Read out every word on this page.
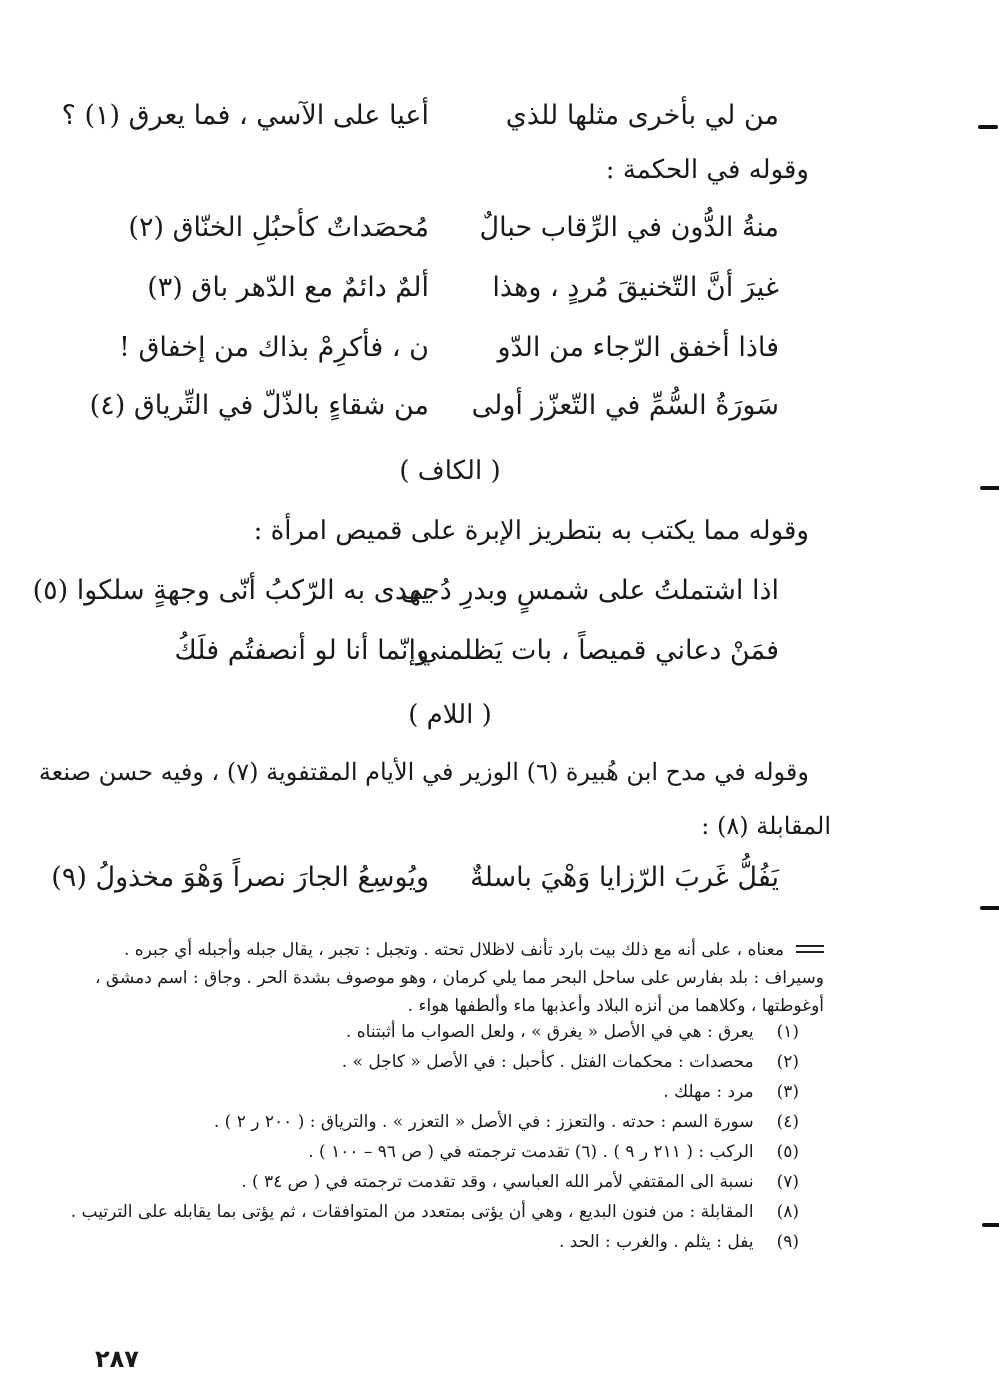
من لي بأخرى مثلها للذي
أعيا على الآسي ، فما يعرق (١) ؟
وقوله في الحكمة :
منةُ الدُّون في الرِّقاب حبالٌ
مُحصَداتٌ كأحبُلِ الخنّاق (٢)
غيرَ أنَّ التّخنيقَ مُردٍ ، وهذا
ألمٌ دائمٌ مع الدّهر باق (٣)
فاذا أخفق الرّجاء من الدّو
ن ، فأكرِمْ بذاك من إخفاق !
سَورَةُ السُّمِّ في التّعزّز أولى
من شقاءٍ بالذّلّ في التِّرياق (٤)
( الكاف )
وقوله مما يكتب به بتطريز الإبرة على قميص امرأة :
اذا اشتملتُ على شمسٍ وبدرِ دُجى
يهدى به الرّكبُ أنّى وجهةٍ سلكوا (٥)
فمَنْ دعاني قميصاً ، بات يَظلمني
وإنّما أنا لو أنصفتُم فلَكُ
( اللام )
وقوله في مدح ابن هُبيرة (٦) الوزير في الأيام المقتفوية (٧) ، وفيه حسن صنعة
المقابلة (٨) :
يَفُلُّ غَربَ الرّزايا وَهْيَ باسلةٌ
ويُوسِعُ الجارَ نصراً وَهْوَ مخذولُ (٩)
معناه ، على أنه مع ذلك بيت بارد تأنف لاظلال تحته . وتجبل : تجبر ، يقال جبله وأجبله أي جبره .
وسيراف : بلد بفارس على ساحل البحر مما يلي كرمان ، وهو موصوف بشدة الحر . وجاق : اسم دمشق ،
أوغوطتها ، وكلاهما من أنزه البلاد وأعذبها ماء وألطفها هواء .
(١) يعرق : هي في الأصل « يغرق » ، ولعل الصواب ما أثبتناه .
(٢) محصدات : محكمات الفتل . كأحبل : في الأصل « كاجل » .
(٣) مرد : مهلك .
(٤) سورة السم : حدته . والتعزز : في الأصل « التعزر » . والترياق : ( ٢٠٠ ر ٢ ) .
(٥) الركب : ( ٢١١ ر ٩ ) . (٦) تقدمت ترجمته في ( ص ٩٦ – ١٠٠ ) .
(٧) نسبة الى المقتفي لأمر الله العباسي ، وقد تقدمت ترجمته في ( ص ٣٤ ) .
(٨) المقابلة : من فنون البديع ، وهي أن يؤتى بمتعدد من المتوافقات ، ثم يؤتى بما يقابله على الترتيب .
(٩) يفل : يثلم . والغرب : الحد .
٢٨٧
